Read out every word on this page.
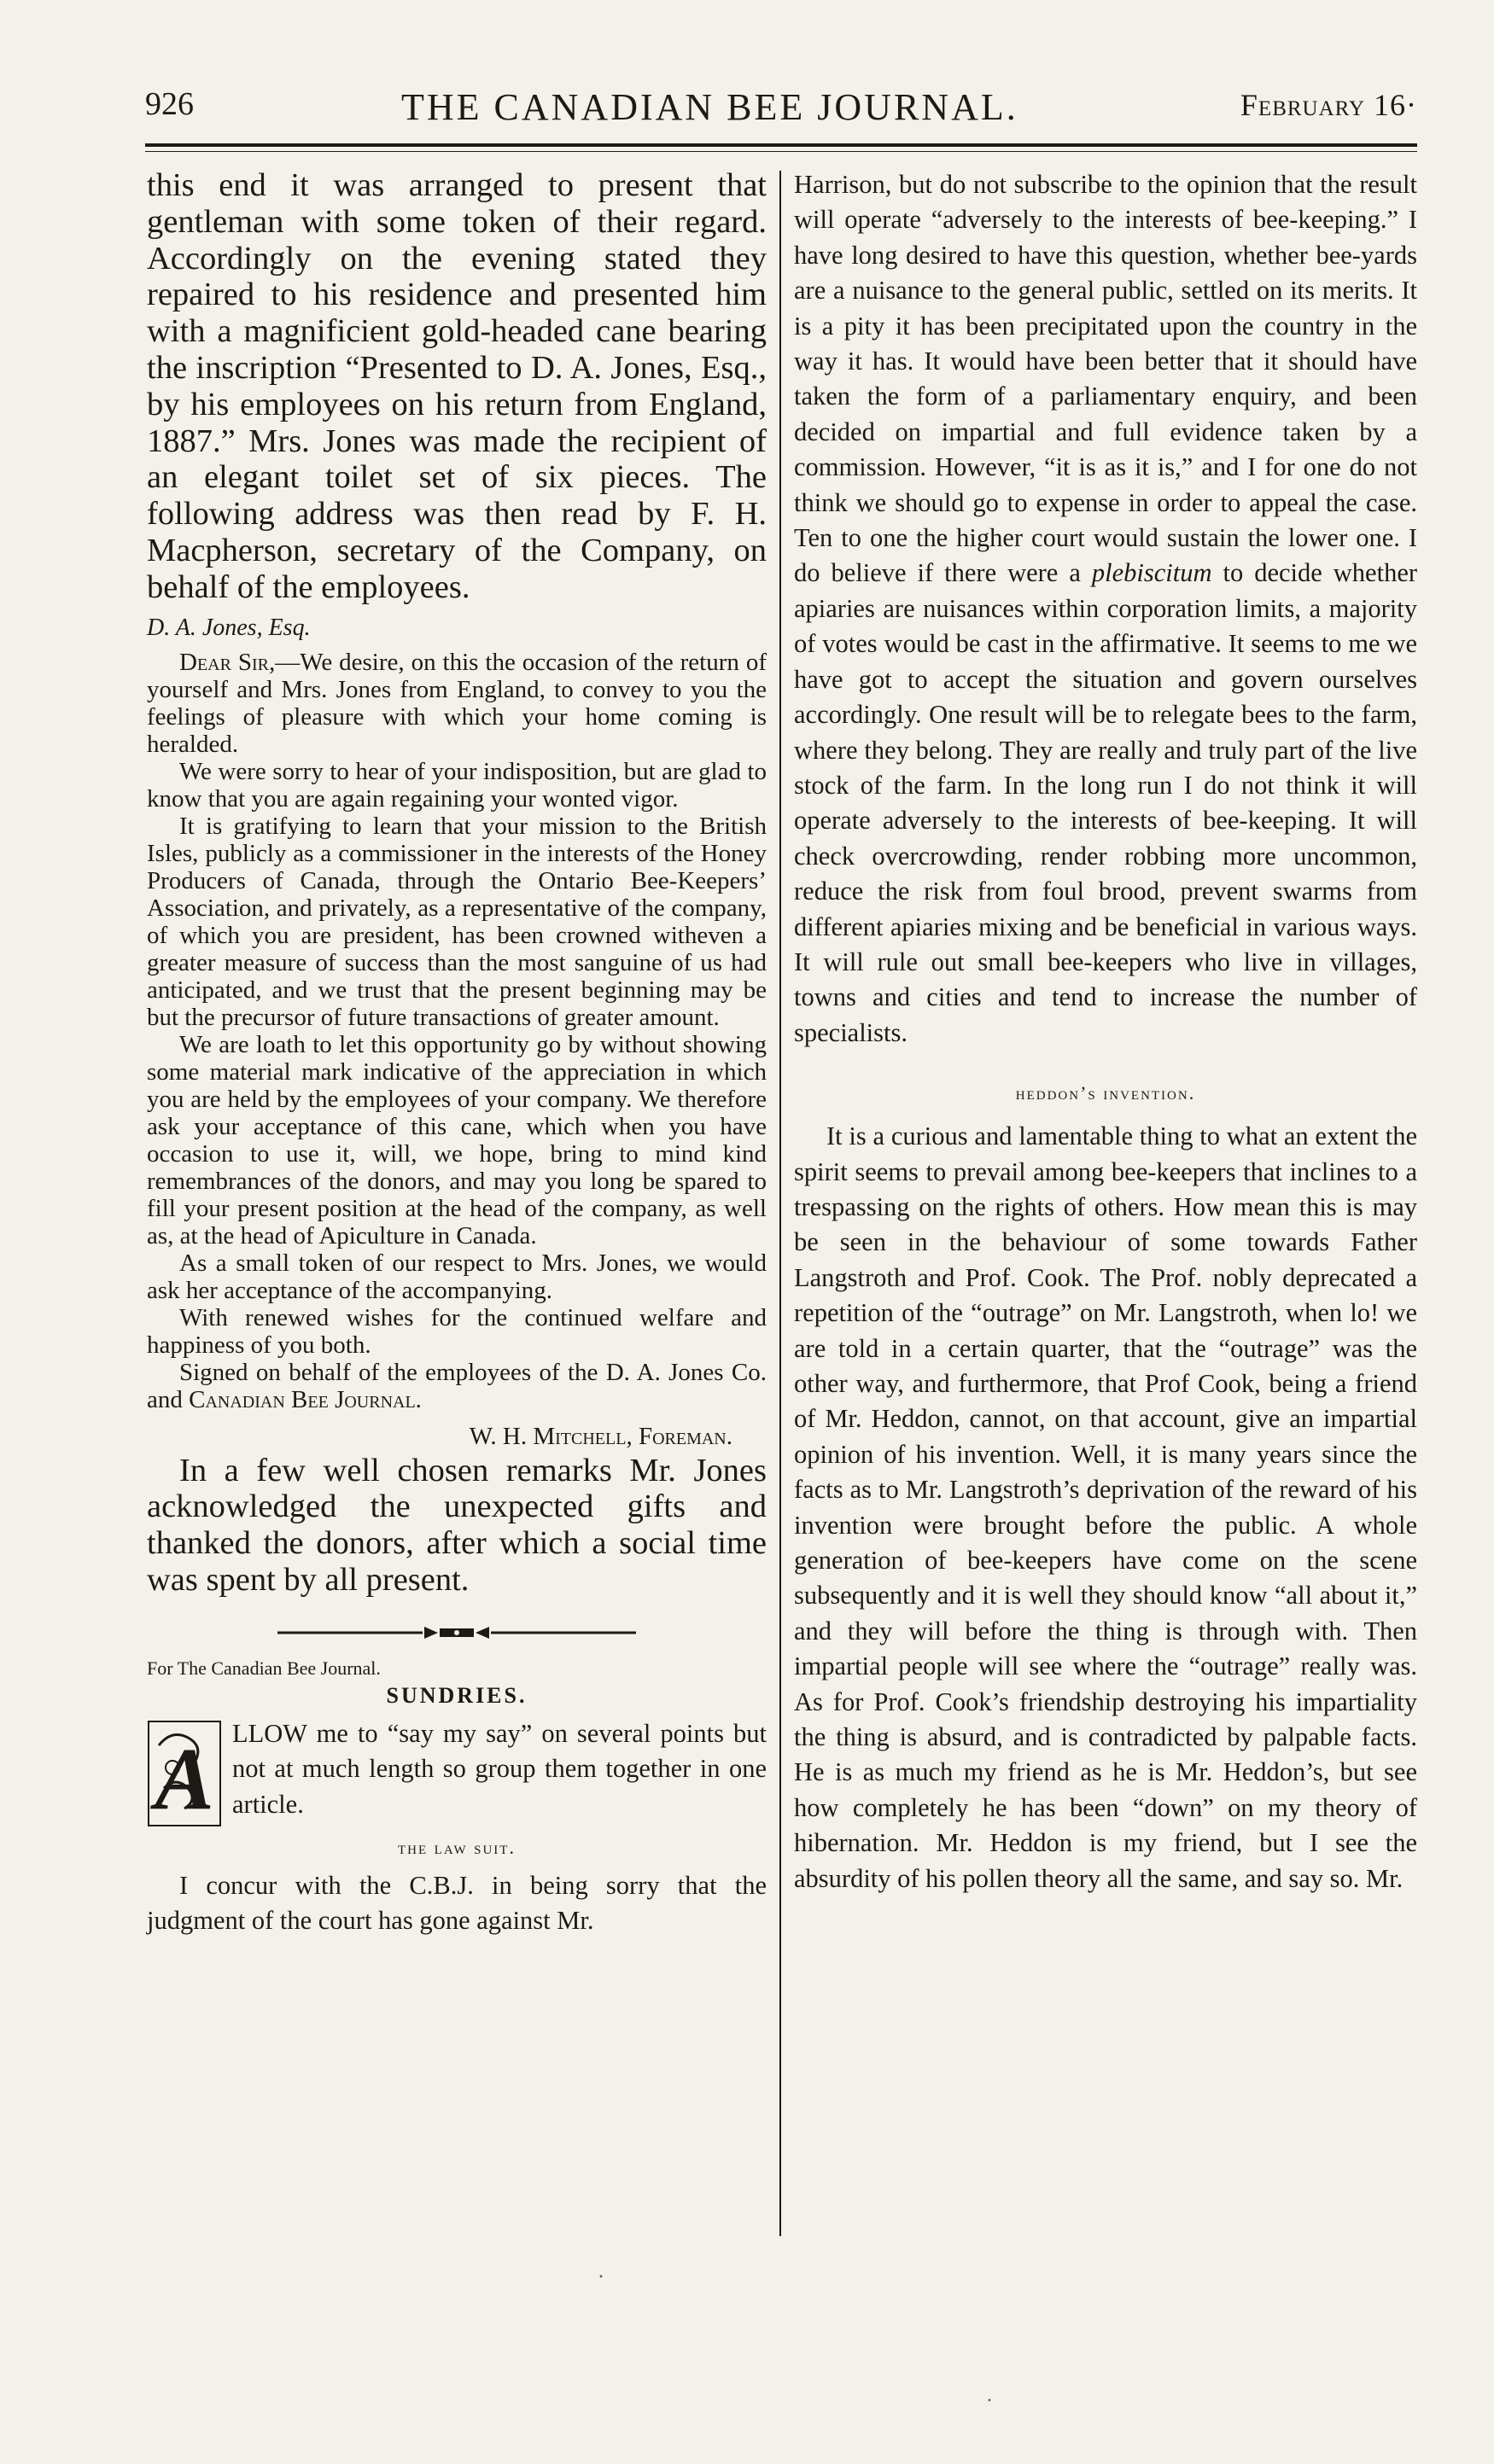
926	THE CANADIAN BEE JOURNAL.	February 16·

this end it was arranged to present that gentleman with some token of their regard. Accordingly on the evening stated they repaired to his residence and presented him with a magnificient gold-headed cane bearing the inscription “Presented to D. A. Jones, Esq., by his employees on his return from England, 1887.” Mrs. Jones was made the recipient of an elegant toilet set of six pieces. The following address was then read by F. H. Macpherson, secretary of the Company, on behalf of the employees.

D. A. Jones, Esq.

Dear Sir,—We desire, on this the occasion of the return of yourself and Mrs. Jones from England, to convey to you the feelings of pleasure with which your home coming is heralded.

We were sorry to hear of your indisposition, but are glad to know that you are again regaining your wonted vigor.

It is gratifying to learn that your mission to the British Isles, publicly as a commissioner in the interests of the Honey Producers of Canada, through the Ontario Bee-Keepers’ Association, and privately, as a representative of the company, of which you are president, has been crowned witheven a greater measure of success than the most sanguine of us had anticipated, and we trust that the present beginning may be but the precursor of future transactions of greater amount.

We are loath to let this opportunity go by without showing some material mark indicative of the appreciation in which you are held by the employees of your company. We therefore ask your acceptance of this cane, which when you have occasion to use it, will, we hope, bring to mind kind remembrances of the donors, and may you long be spared to fill your present position at the head of the company, as well as, at the head of Apiculture in Canada.

As a small token of our respect to Mrs. Jones, we would ask her acceptance of the accompanying.

With renewed wishes for the continued welfare and happiness of you both.

Signed on behalf of the employees of the D. A. Jones Co. and Canadian Bee Journal.

W. H. Mitchell, Foreman.

In a few well chosen remarks Mr. Jones acknowledged the unexpected gifts and thanked the donors, after which a social time was spent by all present.

For The Canadian Bee Journal.

SUNDRIES.

A LLOW me to “say my say” on several points but not at much length so group them together in one article.

the law suit.

I concur with the C.B.J. in being sorry that the judgment of the court has gone against Mr.

Harrison, but do not subscribe to the opinion that the result will operate “adversely to the interests of bee-keeping.” I have long desired to have this question, whether bee-yards are a nuisance to the general public, settled on its merits. It is a pity it has been precipitated upon the country in the way it has. It would have been better that it should have taken the form of a parliamentary enquiry, and been decided on impartial and full evidence taken by a commission. However, “it is as it is,” and I for one do not think we should go to expense in order to appeal the case. Ten to one the higher court would sustain the lower one. I do believe if there were a plebiscitum to decide whether apiaries are nuisances within corporation limits, a majority of votes would be cast in the affirmative. It seems to me we have got to accept the situation and govern ourselves accordingly. One result will be to relegate bees to the farm, where they belong. They are really and truly part of the live stock of the farm. In the long run I do not think it will operate adversely to the interests of bee-keeping. It will check overcrowding, render robbing more uncommon, reduce the risk from foul brood, prevent swarms from different apiaries mixing and be beneficial in various ways. It will rule out small bee-keepers who live in villages, towns and cities and tend to increase the number of specialists.

heddon’s invention.

It is a curious and lamentable thing to what an extent the spirit seems to prevail among bee-keepers that inclines to a trespassing on the rights of others. How mean this is may be seen in the behaviour of some towards Father Langstroth and Prof. Cook. The Prof. nobly deprecated a repetition of the “outrage” on Mr. Langstroth, when lo! we are told in a certain quarter, that the “outrage” was the other way, and furthermore, that Prof Cook, being a friend of Mr. Heddon, cannot, on that account, give an impartial opinion of his invention. Well, it is many years since the facts as to Mr. Langstroth’s deprivation of the reward of his invention were brought before the public. A whole generation of bee-keepers have come on the scene subsequently and it is well they should know “all about it,” and they will before the thing is through with. Then impartial people will see where the “outrage” really was. As for Prof. Cook’s friendship destroying his impartiality the thing is absurd, and is contradicted by palpable facts. He is as much my friend as he is Mr. Heddon’s, but see how completely he has been “down” on my theory of hibernation. Mr. Heddon is my friend, but I see the absurdity of his pollen theory all the same, and say so. Mr.

·
·
